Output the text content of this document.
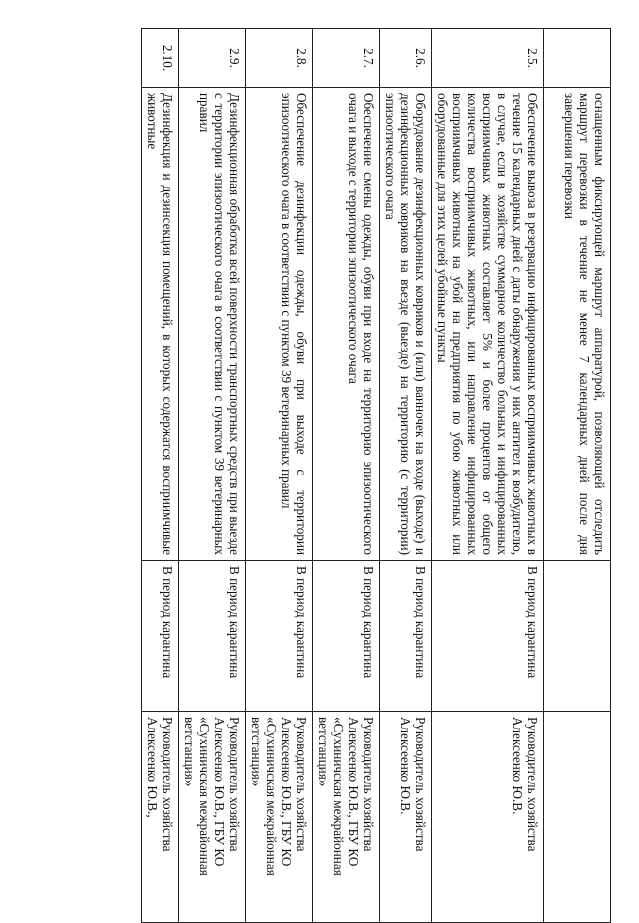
	оснащенным фиксирующей маршрут аппаратурой, позволяющей отследить маршрут перевозки в течение не менее 7 календарных дней после дня завершения перевозки		
2.5.	Обеспечение вывоза в резервацию инфицированных восприимчивых животных в течение 15 календарных дней с даты обнаружения у них антител к возбудителю, в случае, если в хозяйстве суммарное количество больных и инфицированных восприимчивых животных составляет 5% и более процентов от общего количества восприимчивых животных, или направление инфицированных восприимчивых животных на убой на предприятия по убою животных или оборудованные для этих целей убойные пункты	В период карантина	Руководитель хозяйства Алексеенко Ю.В.
2.6.	Оборудование дезинфекционных ковриков и (или) ванночек на входе (выходе) и дезинфекционных ковриков на въезде (выезде) на территорию (с территории) эпизоотического очага	В период карантина	Руководитель хозяйства Алексеенко Ю.В.
2.7.	Обеспечение смены одежды, обуви при входе на территорию эпизоотического очага и выходе с территории эпизоотического очага	В период карантина	Руководитель хозяйства Алексеенко Ю.В., ГБУ КО «Сухиничская межрайонная ветстанция»
2.8.	Обеспечение дезинфекции одежды, обуви при выходе с территории эпизоотического очага в соответствии с пунктом 39 ветеринарных правил	В период карантина	Руководитель хозяйства Алексеенко Ю.В., ГБУ КО «Сухиничская межрайонная ветстанция»
2.9.	Дезинфекционная обработка всей поверхности транспортных средств при выезде с территории эпизоотического очага в соответствии с пунктом 39 ветеринарных правил	В период карантина	Руководитель хозяйства Алексеенко Ю.В., ГБУ КО «Сухиничская межрайонная ветстанция»
2.10.	Дезинфекция и дезинсекция помещений, в которых содержатся восприимчивые животные	В период карантина	Руководитель хозяйства Алексеенко Ю.В.,
